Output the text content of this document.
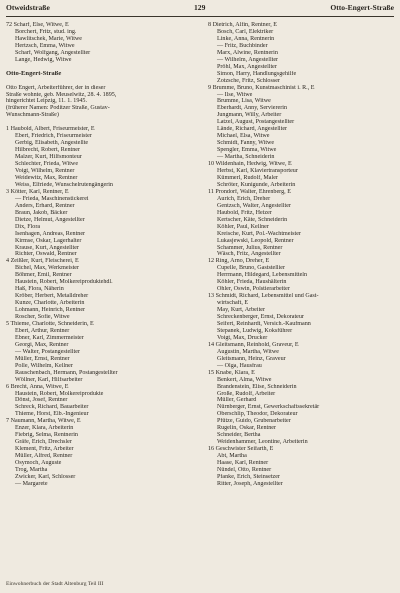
Otweidstraße	129	Otto-Engert-Straße
72 Scharf, Else, Witwe, E
Borchert, Fritz, stud. ing.
Hawlitschek, Marie, Witwe
Hertzsch, Emma, Witwe
Scharf, Wolfgang, Angestellter
Lange, Hedwig, Witwe

Otto-Engert-Straße

Otto Engert, Arbeiterführer, der in dieser
Straße wohnte, geb. Meuselwitz, 28. 4. 1895,
hingerichtet Leipzig, 11. 1. 1945.
(früherer Namen: Poditzer Straße, Gustav-
Wunschmann-Straße)

1 Haubold, Albert, Friseurmeister, E
Ebert, Friedrich, Friseurmeister
Gerbig, Elisabeth, Angestellte
Hilbrecht, Robert, Rentner
Malzer, Kurt, Hilfsmonteur
Schlechter, Frieda, Witwe
Voigt, Wilhelm, Rentner
Weidewitz, Max, Rentner
Weiss, Elfriede, Wunschelrutengängerin
3 Kötter, Karl, Rentner, E
— Frieda, Maschinenstickerei
Anders, Erhard, Rentner
Braun, Jakob, Bäcker
Dietze, Helmut, Angestellter
Dix, Flora
Isenhagen, Andreas, Rentner
Kirmse, Oskar, Lagerhalter
Krause, Kurt, Angestellter
Richter, Oswald, Rentner
4 Zeißler, Kurt, Fleischerei, E
Bichel, Max, Werkmeister
Böhmer, Emil, Rentner
Haustein, Robert, Molkereiproduktehdl.
Haß, Flora, Näherin
Kröber, Herbert, Metalldreher
Kunze, Charlotte, Arbeiterin
Lohmann, Heinrich, Rentner
Roscher, Sofie, Witwe
5 Thieme, Charlotte, Schneiderin, E
Ebert, Arthur, Rentner
Ebner, Karl, Zimmermeister
Georgi, Max, Rentner
— Walter, Postangestellter
Müller, Ernst, Rentner
Polle, Wilhelm, Kellner
Rauschenbach, Hermann, Postangestellter
Wöllner, Karl, Hilfsarbeiter
6 Brecht, Anna, Witwe, E
Haustein, Robert, Molkereiprodukte
Dönst, Josef, Rentner
Schreck, Richard, Bauarbeiter
Thieme, Horst, Elb.-Ingenieur
7 Naumann, Martha, Witwe, E
Enzer, Klara, Arbeiterin
Fiebrig, Selma, Rentnerin
Gräfe, Erich, Drechsler
Klement, Fritz, Arbeiter
Müller, Alfred, Rentner
Osymoch, Auguste
Trog, Martha
Zwicker, Karl, Schlosser
— Margarete
8 Dietrich, Alfin, Rentner, E
Bosch, Carl, Elektriker
Linke, Anna, Rentnerin
— Fritz, Buchbinder
Marx, Alwine, Rentnerin
— Wilhelm, Angestellter
Pröhl, Max, Angestellter
Simon, Harry, Handlungsgehilfe
Zotzsche, Fritz, Schlosser
9 Brumme, Bruno, Kunstmaschinist i. R., E
— Ilse, Witwe
Brumme, Lisa, Witwe
Eberhardt, Anny, Serviererin
Jungmann, Willy, Arbeiter
Latzel, August, Postangestellter
Lände, Richard, Angestellter
Michael, Elsa, Witwe
Schmidt, Fanny, Witwe
Spengler, Emma, Witwe
— Martha, Schneiderin
10 Wildenhain, Hedwig, Witwe, E
Herbst, Karl, Klaviertransporteur
Kümmerl, Rudolf, Maler
Schröter, Kunigunde, Arbeiterin
11 Prondorf, Walter, Ehrenberg, E
Aurich, Erich, Dreher
Gentzsch, Walter, Angestellter
Haubold, Fritz, Heizer
Kertscher, Käte, Schneiderin
Köhler, Paul, Kellner
Kreische, Kurt, Pol.-Wachtmeister
Lukasjewski, Leopold, Rentner
Schammer, Julius, Rentner
Wäsch, Fritz, Angestellter
12 Ring, Arno, Dreher, E
Cupelle, Bruno, Gaststellier
Herrmann, Hildegard, Lebensmitteln
Köhler, Frieda, Haushälterin
Öhler, Oswin, Polstierarbeiter
13 Schmidt, Richard, Lebensmittel und Gast-
wirtschaft, E
May, Kurt, Arbeiter
Schreckenberger, Ernst, Dekorateur
Seifert, Reinhardt, Versich.-Kaufmann
Stepanek, Ludwig, Koksführer
Voigt, Max, Drucker
14 Gleitsmann, Reinhold, Graveur, E
Augustin, Martha, Witwe
Gleitsmann, Heinz, Graveur
— Olga, Hausfrau
15 Knabe, Klara, E
Benkert, Alma, Witwe
Brandenstein, Elise, Schneiderin
Große, Rudolf, Arbeiter
Müller, Gerhard
Nürnberger, Ernst, Gewerkschaftssekretär
Oberschlip, Theodor, Dekorateur
Pfütze, Guido, Grubenarbeiter
Rugelin, Oskar, Rentner
Schneider, Bertha
Weidenhammer, Leontine, Arbeiterin
16 Geschwister Seifarth, E
Abt, Martha
Haase, Karl, Rentner
Nündel, Otto, Rentner
Pfanke, Erich, Steinsetzer
Ritter, Joseph, Angestellter
Einwohnerbuch der Stadt Altenburg Teil III
